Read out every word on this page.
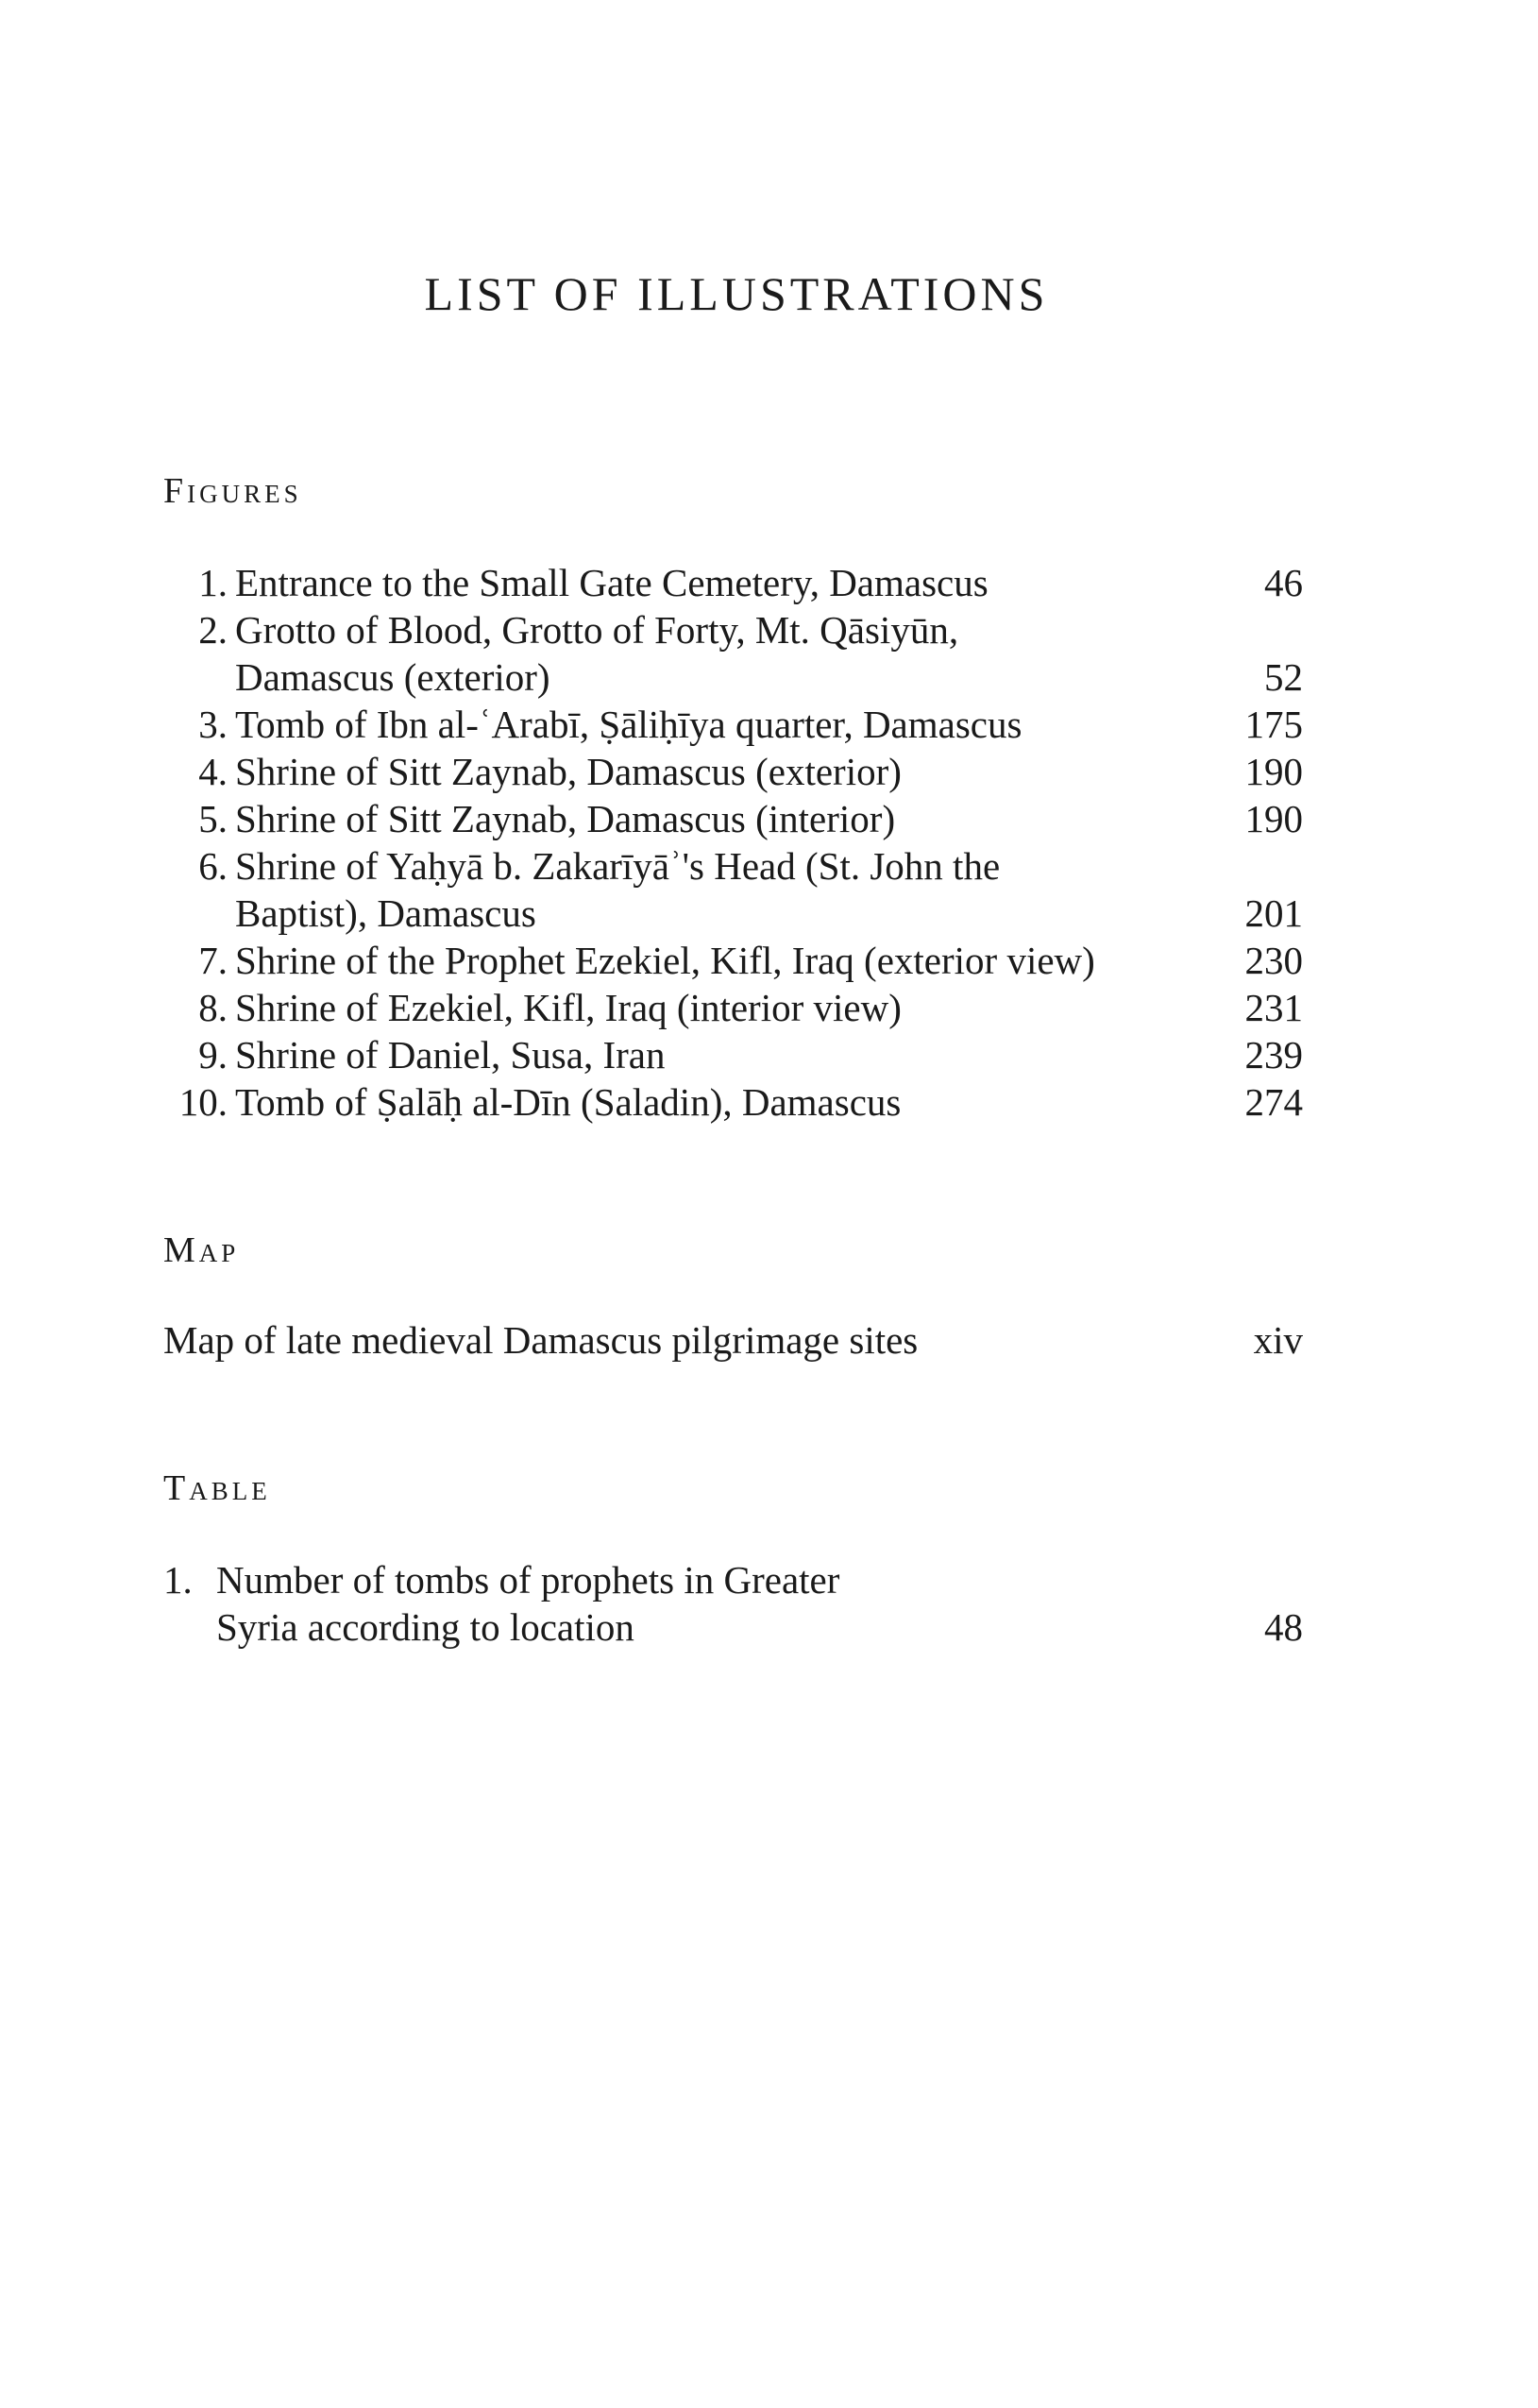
LIST OF ILLUSTRATIONS
Figures
1. Entrance to the Small Gate Cemetery, Damascus	46
2. Grotto of Blood, Grotto of Forty, Mt. Qāsiyūn, Damascus (exterior)	52
3. Tomb of Ibn al-ʿArabī, Ṣāliḥīya quarter, Damascus	175
4. Shrine of Sitt Zaynab, Damascus (exterior)	190
5. Shrine of Sitt Zaynab, Damascus (interior)	190
6. Shrine of Yaḥyā b. Zakarīyāʾ's Head (St. John the Baptist), Damascus	201
7. Shrine of the Prophet Ezekiel, Kifl, Iraq (exterior view)	230
8. Shrine of Ezekiel, Kifl, Iraq (interior view)	231
9. Shrine of Daniel, Susa, Iran	239
10. Tomb of Ṣalāḥ al-Dīn (Saladin), Damascus	274
Map
Map of late medieval Damascus pilgrimage sites	xiv
Table
1. Number of tombs of prophets in Greater Syria according to location	48
